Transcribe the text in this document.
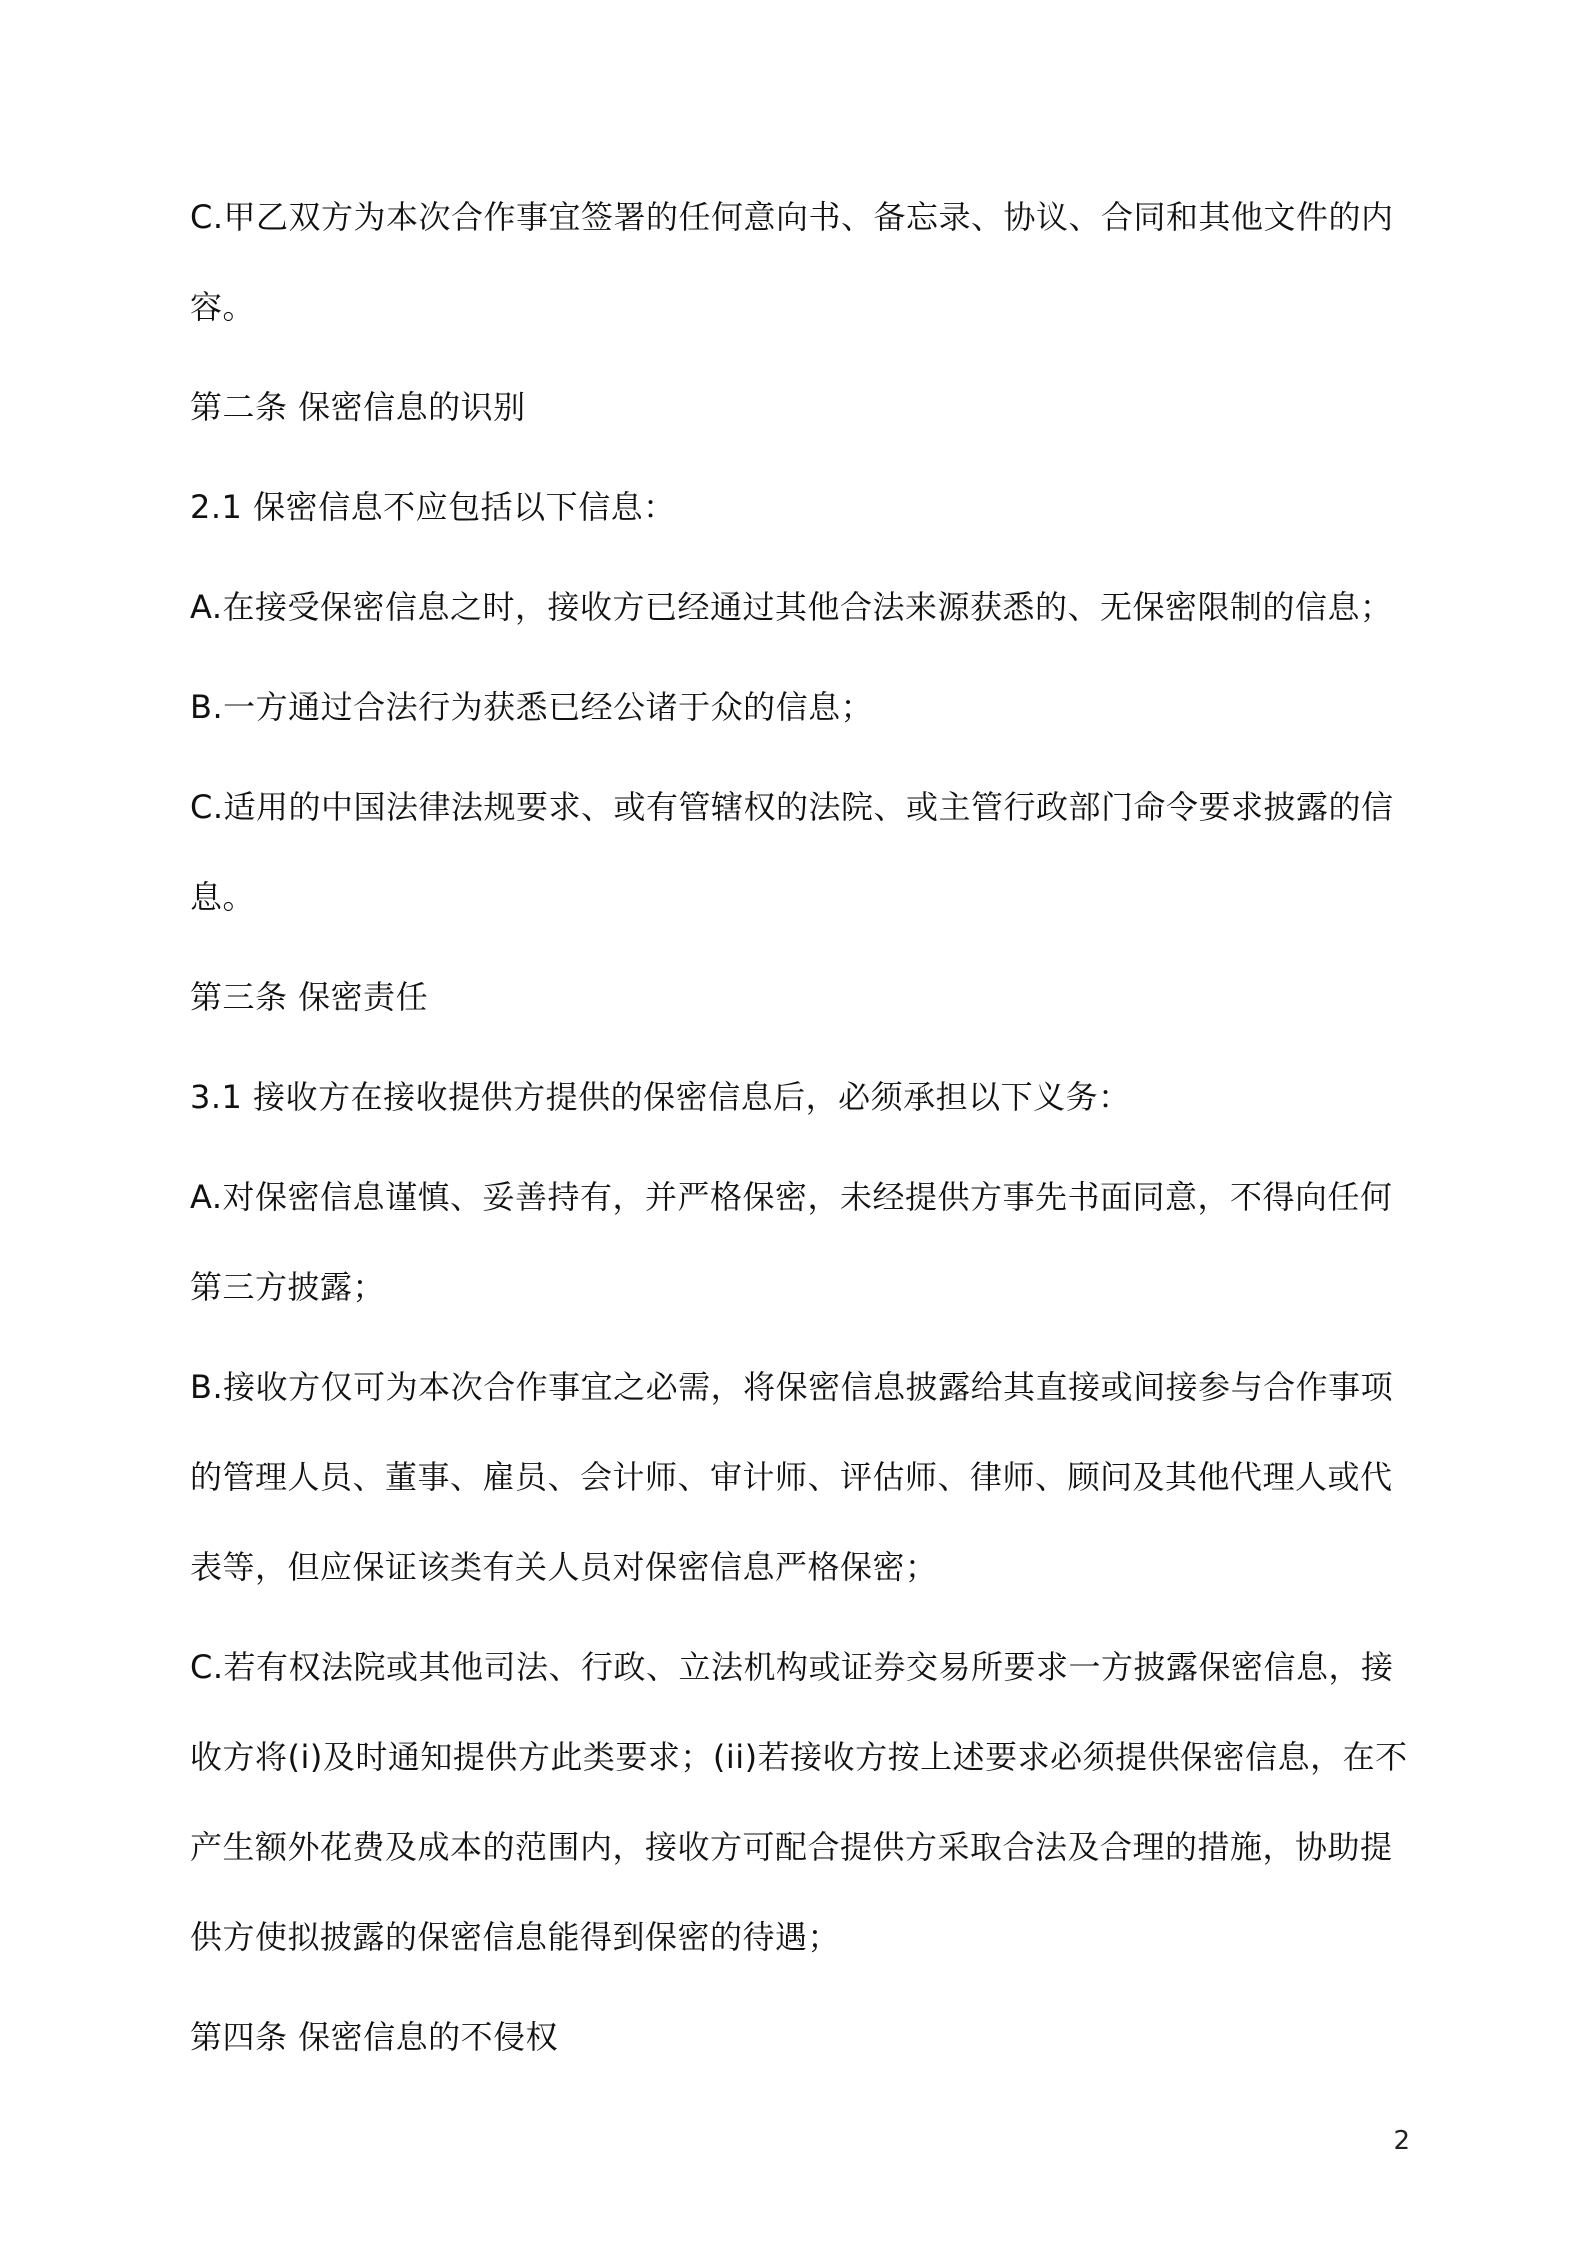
C.甲乙双方为本次合作事宜签署的任何意向书、备忘录、协议、合同和其他文件的内容。

第二条 保密信息的识别

2.1 保密信息不应包括以下信息：

A.在接受保密信息之时，接收方已经通过其他合法来源获悉的、无保密限制的信息；

B.一方通过合法行为获悉已经公诸于众的信息；

C.适用的中国法律法规要求、或有管辖权的法院、或主管行政部门命令要求披露的信息。

第三条 保密责任

3.1 接收方在接收提供方提供的保密信息后，必须承担以下义务：

A.对保密信息谨慎、妥善持有，并严格保密，未经提供方事先书面同意，不得向任何第三方披露；

B.接收方仅可为本次合作事宜之必需，将保密信息披露给其直接或间接参与合作事项的管理人员、董事、雇员、会计师、审计师、评估师、律师、顾问及其他代理人或代表等，但应保证该类有关人员对保密信息严格保密；

C.若有权法院或其他司法、行政、立法机构或证券交易所要求一方披露保密信息，接收方将(i)及时通知提供方此类要求；(ii)若接收方按上述要求必须提供保密信息，在不产生额外花费及成本的范围内，接收方可配合提供方采取合法及合理的措施，协助提供方使拟披露的保密信息能得到保密的待遇；

第四条 保密信息的不侵权

2
